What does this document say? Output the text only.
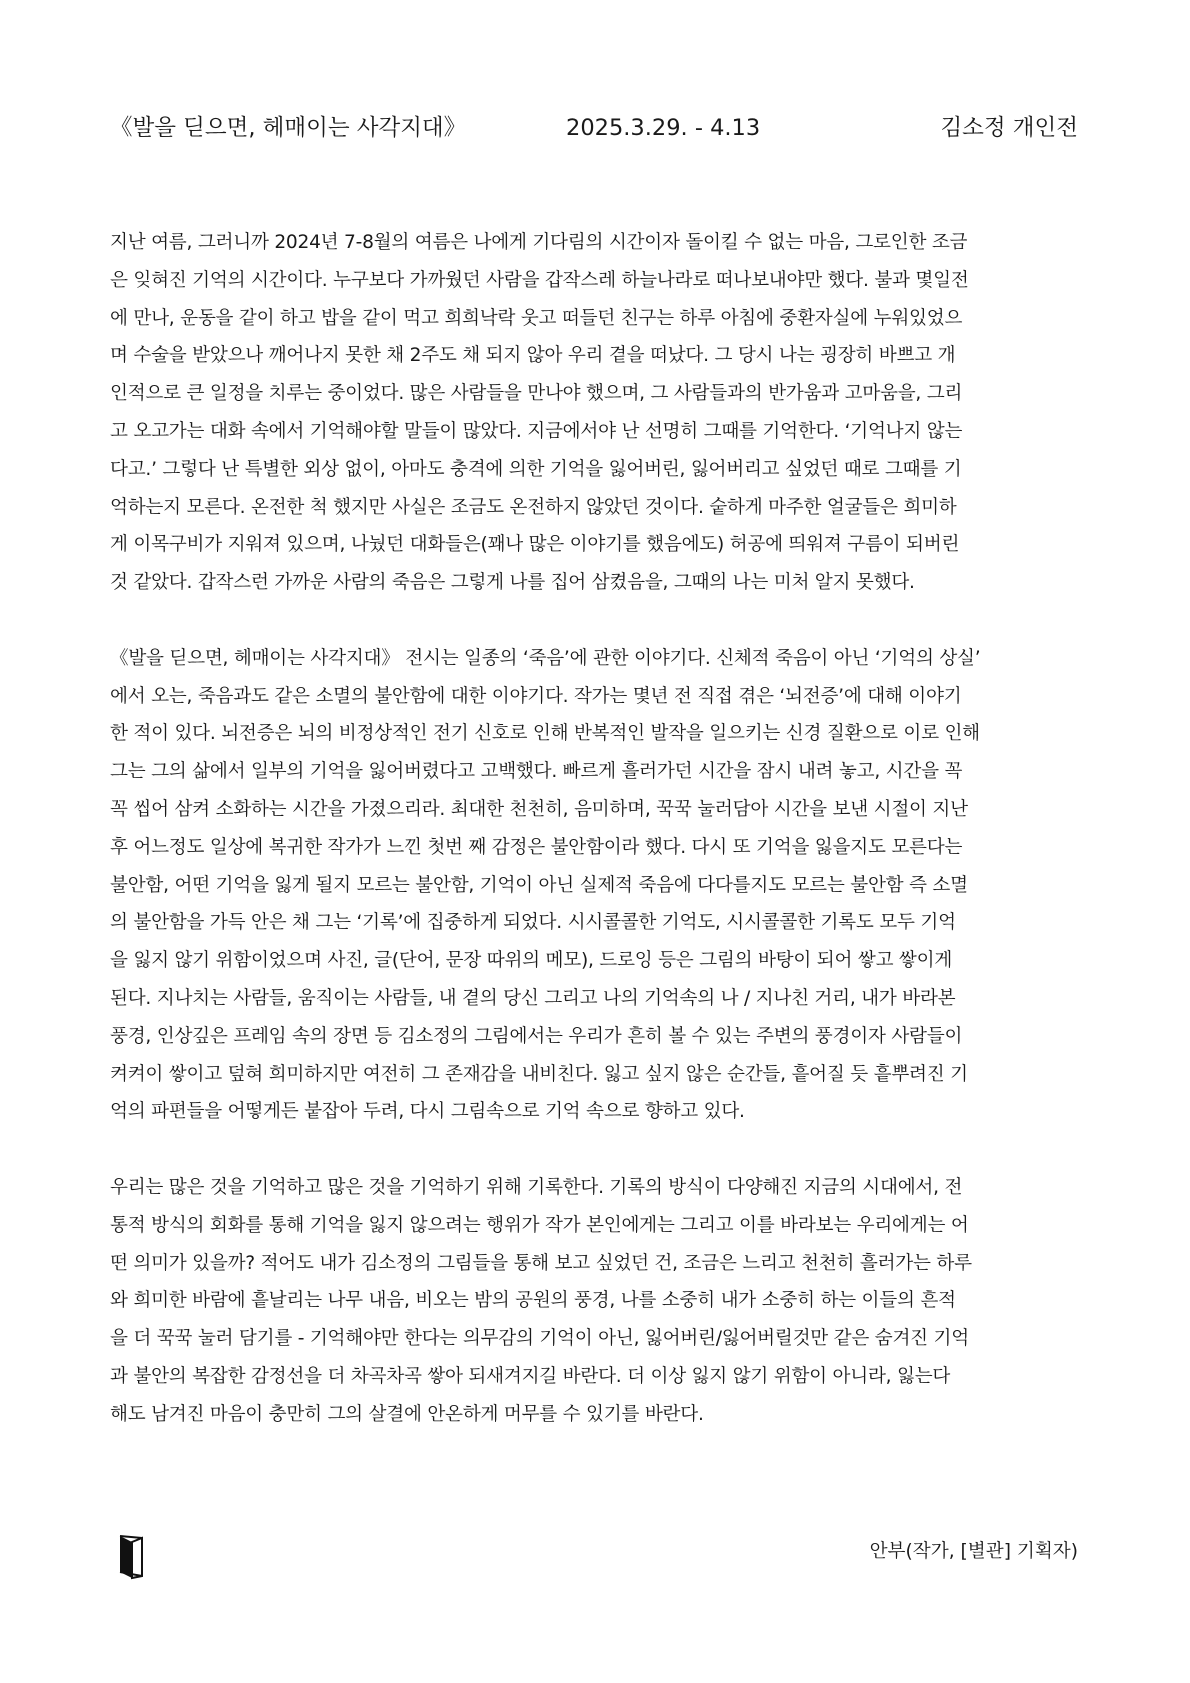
《발을 딛으면, 헤매이는 사각지대》	2025.3.29. - 4.13	김소정 개인전
지난 여름, 그러니까 2024년 7-8월의 여름은 나에게 기다림의 시간이자 돌이킬 수 없는 마음, 그로인한 조금
은 잊혀진 기억의 시간이다. 누구보다 가까웠던 사람을 갑작스레 하늘나라로 떠나보내야만 했다. 불과 몇일전
에 만나, 운동을 같이 하고 밥을 같이 먹고 희희낙락 웃고 떠들던 친구는 하루 아침에 중환자실에 누워있었으
며 수술을 받았으나 깨어나지 못한 채 2주도 채 되지 않아 우리 곁을 떠났다. 그 당시 나는 굉장히 바쁘고 개
인적으로 큰 일정을 치루는 중이었다. 많은 사람들을 만나야 했으며, 그 사람들과의 반가움과 고마움을, 그리
고 오고가는 대화 속에서 기억해야할 말들이 많았다. 지금에서야 난 선명히 그때를 기억한다. ‘기억나지 않는
다고.’ 그렇다 난 특별한 외상 없이, 아마도 충격에 의한 기억을 잃어버린, 잃어버리고 싶었던 때로 그때를 기
억하는지 모른다. 온전한 척 했지만 사실은 조금도 온전하지 않았던 것이다. 숱하게 마주한 얼굴들은 희미하
게 이목구비가 지워져 있으며, 나눴던 대화들은(꽤나 많은 이야기를 했음에도) 허공에 띄워져 구름이 되버린
것 같았다. 갑작스런 가까운 사람의 죽음은 그렇게 나를 집어 삼켰음을, 그때의 나는 미처 알지 못했다.
《발을 딛으면, 헤매이는 사각지대》 전시는 일종의 ‘죽음’에 관한 이야기다. 신체적 죽음이 아닌 ‘기억의 상실’
에서 오는, 죽음과도 같은 소멸의 불안함에 대한 이야기다. 작가는 몇년 전 직접 겪은 ‘뇌전증’에 대해 이야기
한 적이 있다. 뇌전증은 뇌의 비정상적인 전기 신호로 인해 반복적인 발작을 일으키는 신경 질환으로 이로 인해
그는 그의 삶에서 일부의 기억을 잃어버렸다고 고백했다. 빠르게 흘러가던 시간을 잠시 내려 놓고, 시간을 꼭
꼭 씹어 삼켜 소화하는 시간을 가졌으리라. 최대한 천천히, 음미하며, 꾹꾹 눌러담아 시간을 보낸 시절이 지난
후 어느정도 일상에 복귀한 작가가 느낀 첫번 째 감정은 불안함이라 했다. 다시 또 기억을 잃을지도 모른다는
불안함, 어떤 기억을 잃게 될지 모르는 불안함, 기억이 아닌 실제적 죽음에 다다를지도 모르는 불안함 즉 소멸
의 불안함을 가득 안은 채 그는 ‘기록’에 집중하게 되었다. 시시콜콜한 기억도, 시시콜콜한 기록도 모두 기억
을 잃지 않기 위함이었으며 사진, 글(단어, 문장 따위의 메모), 드로잉 등은 그림의 바탕이 되어 쌓고 쌓이게
된다. 지나치는 사람들, 움직이는 사람들, 내 곁의 당신 그리고 나의 기억속의 나 / 지나친 거리, 내가 바라본
풍경, 인상깊은 프레임 속의 장면 등 김소정의 그림에서는 우리가 흔히 볼 수 있는 주변의 풍경이자 사람들이
켜켜이 쌓이고 덮혀 희미하지만 여전히 그 존재감을 내비친다. 잃고 싶지 않은 순간들, 흩어질 듯 흩뿌려진 기
억의 파편들을 어떻게든 붙잡아 두려, 다시 그림속으로 기억 속으로 향하고 있다.
우리는 많은 것을 기억하고 많은 것을 기억하기 위해 기록한다. 기록의 방식이 다양해진 지금의 시대에서, 전
통적 방식의 회화를 통해 기억을 잃지 않으려는 행위가 작가 본인에게는 그리고 이를 바라보는 우리에게는 어
떤 의미가 있을까? 적어도 내가 김소정의 그림들을 통해 보고 싶었던 건, 조금은 느리고 천천히 흘러가는 하루
와 희미한 바람에 흩날리는 나무 내음, 비오는 밤의 공원의 풍경, 나를 소중히 내가 소중히 하는 이들의 흔적
을 더 꾹꾹 눌러 담기를 - 기억해야만 한다는 의무감의 기억이 아닌, 잃어버린/잃어버릴것만 같은 숨겨진 기억
과 불안의 복잡한 감정선을 더 차곡차곡 쌓아 되새겨지길 바란다. 더 이상 잃지 않기 위함이 아니라, 잃는다
해도 남겨진 마음이 충만히 그의 살결에 안온하게 머무를 수 있기를 바란다.
안부(작가, [별관] 기획자)
